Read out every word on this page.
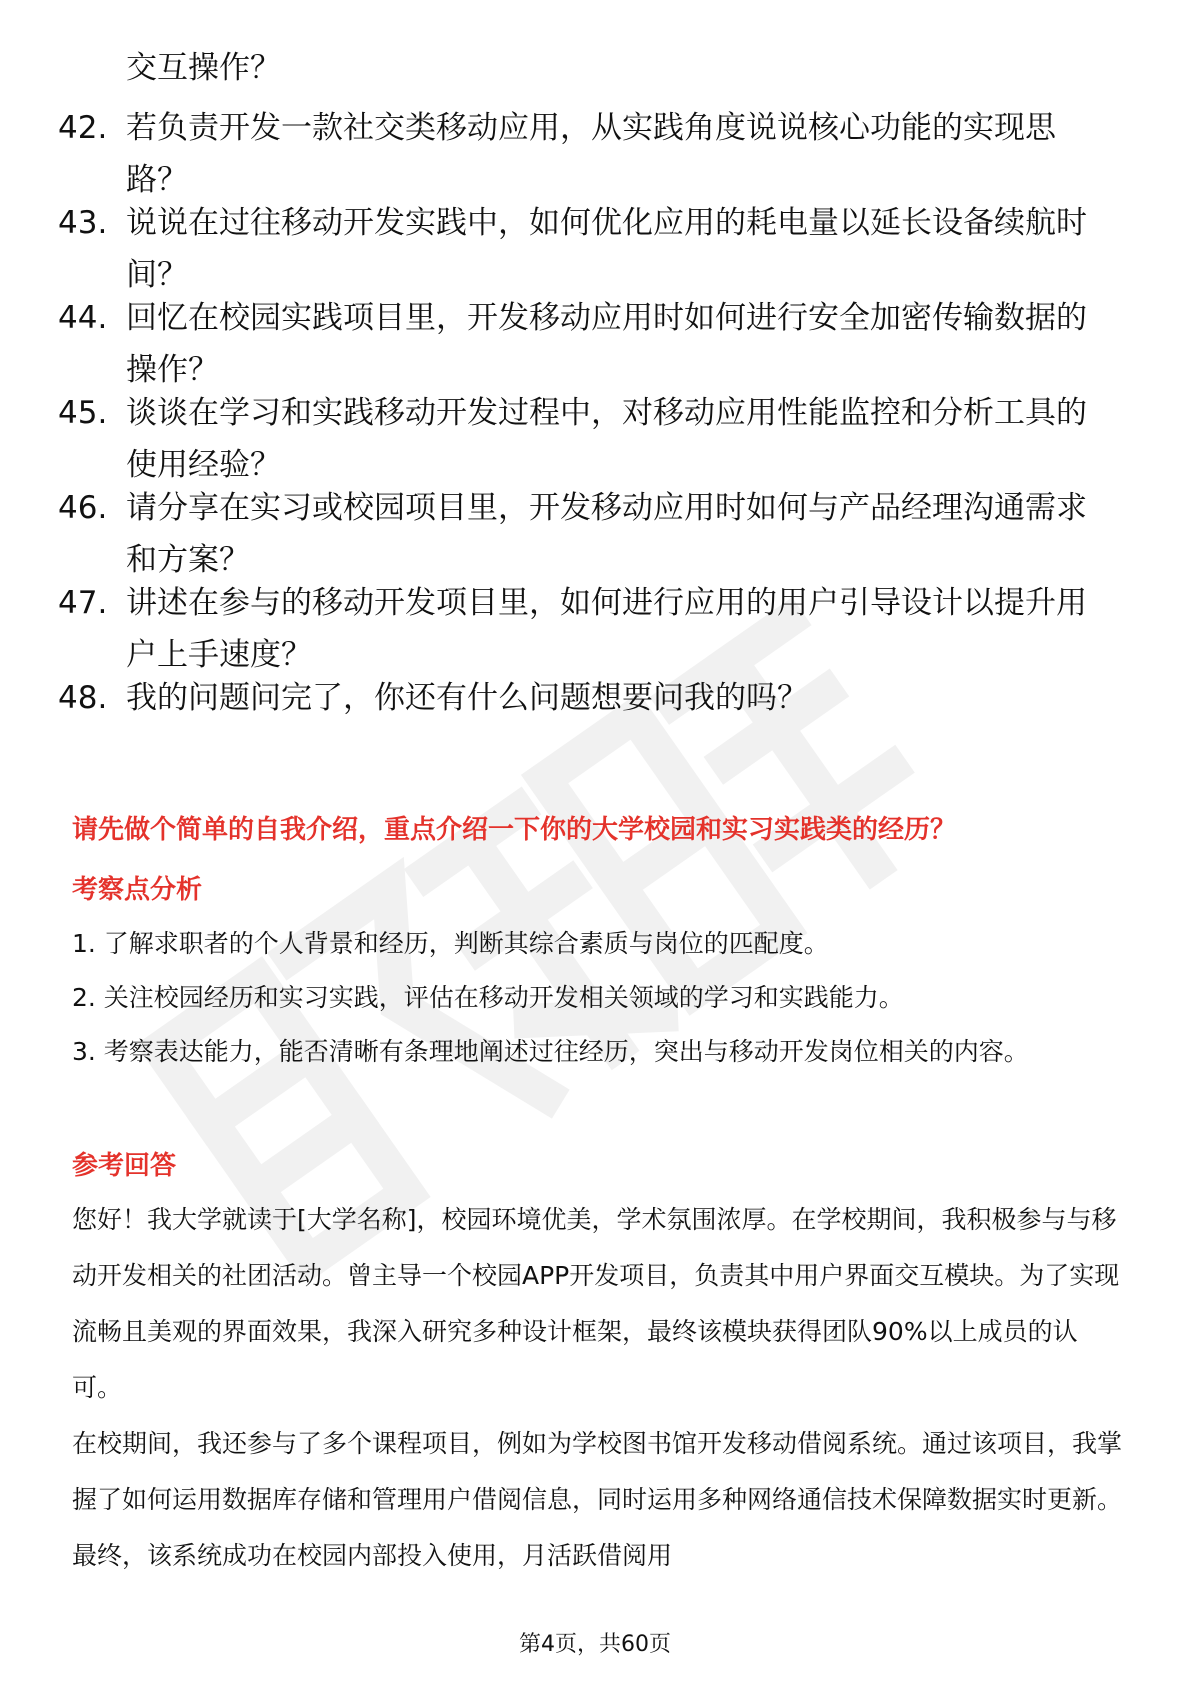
交互操作？
42. 若负责开发一款社交类移动应用，从实践角度说说核心功能的实现思路？
43. 说说在过往移动开发实践中，如何优化应用的耗电量以延长设备续航时间？
44. 回忆在校园实践项目里，开发移动应用时如何进行安全加密传输数据的操作？
45. 谈谈在学习和实践移动开发过程中，对移动应用性能监控和分析工具的使用经验？
46. 请分享在实习或校园项目里，开发移动应用时如何与产品经理沟通需求和方案？
47. 讲述在参与的移动开发项目里，如何进行应用的用户引导设计以提升用户上手速度？
48. 我的问题问完了，你还有什么问题想要问我的吗？
请先做个简单的自我介绍，重点介绍一下你的大学校园和实习实践类的经历？
考察点分析
1. 了解求职者的个人背景和经历，判断其综合素质与岗位的匹配度。
2. 关注校园经历和实习实践，评估在移动开发相关领域的学习和实践能力。
3. 考察表达能力，能否清晰有条理地阐述过往经历，突出与移动开发岗位相关的内容。
参考回答
您好！我大学就读于[大学名称]，校园环境优美，学术氛围浓厚。在学校期间，我积极参与与移动开发相关的社团活动。曾主导一个校园APP开发项目，负责其中用户界面交互模块。为了实现流畅且美观的界面效果，我深入研究多种设计框架，最终该模块获得团队90%以上成员的认可。
在校期间，我还参与了多个课程项目，例如为学校图书馆开发移动借阅系统。通过该项目，我掌握了如何运用数据库存储和管理用户借阅信息，同时运用多种网络通信技术保障数据实时更新。最终，该系统成功在校园内部投入使用，月活跃借阅用
第4页，共60页
